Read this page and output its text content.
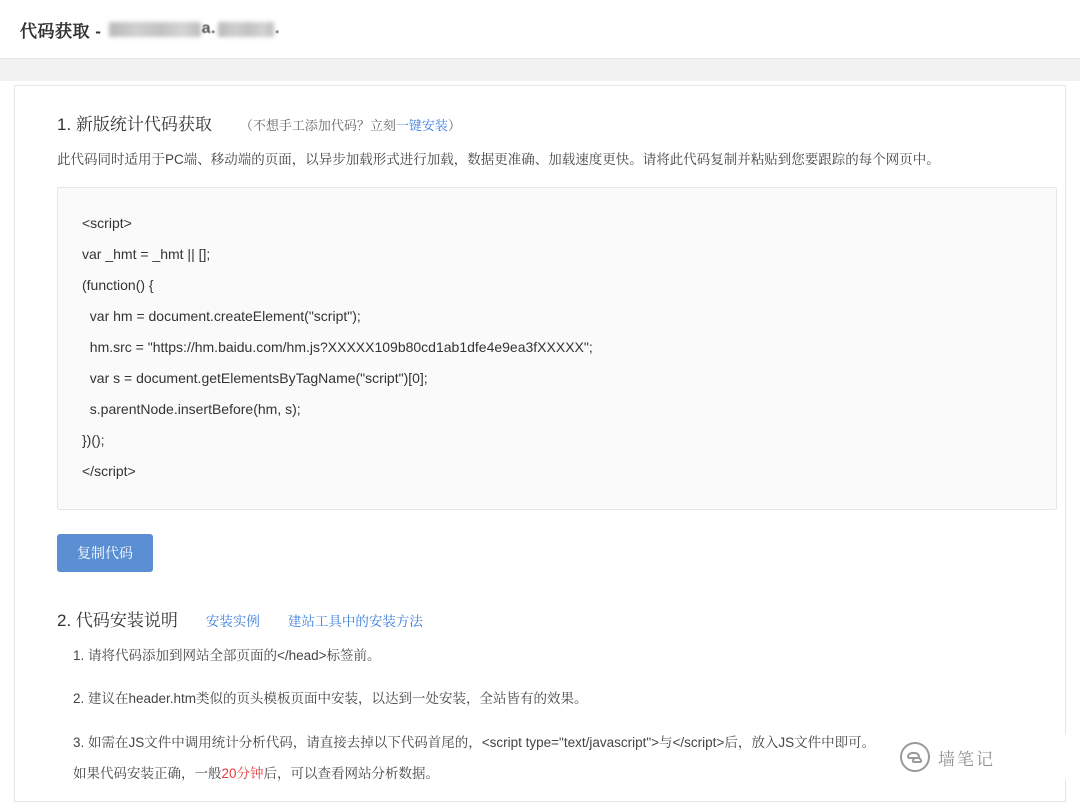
代码获取 -	a.	.
1. 新版统计代码获取 （不想手工添加代码？立刻一键安装）

此代码同时适用于PC端、移动端的页面，以异步加载形式进行加载，数据更准确、加载速度更快。请将此代码复制并粘贴到您要跟踪的每个网页中。

<script>
var _hmt = _hmt || [];
(function() {
var hm = document.createElement("script");
hm.src = "https://hm.baidu.com/hm.js?XXXXX109b80cd1ab1dfe4e9ea3fXXXXX";
var s = document.getElementsByTagName("script")[0];
s.parentNode.insertBefore(hm, s);
})();
</script>
复制代码
2. 代码安装说明 安装实例 建站工具中的安装方法
1. 请将代码添加到网站全部页面的</head>标签前。
2. 建议在header.htm类似的页头模板页面中安装，以达到一处安装，全站皆有的效果。
3. 如需在JS文件中调用统计分析代码，请直接去掉以下代码首尾的，<script type="text/javascript">与</script>后，放入JS文件中即可。

如果代码安装正确，一般20分钟后，可以查看网站分析数据。

墙笔记
